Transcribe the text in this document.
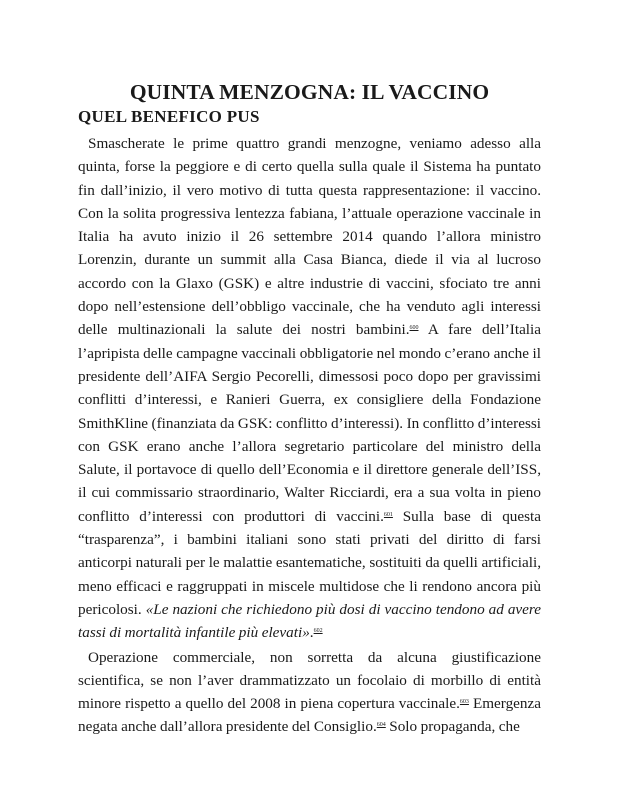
QUINTA MENZOGNA: IL VACCINO
QUEL BENEFICO PUS

Smascherate le prime quattro grandi menzogne, veniamo adesso alla quinta, forse la peggiore e di certo quella sulla quale il Sistema ha puntato fin dall’inizio, il vero motivo di tutta questa rappresentazione: il vaccino. Con la solita progressiva lentezza fabiana, l’attuale operazione vaccinale in Italia ha avuto inizio il 26 settembre 2014 quando l’allora ministro Lorenzin, durante un summit alla Casa Bianca, diede il via al lucroso accordo con la Glaxo (GSK) e altre industrie di vaccini, sfociato tre anni dopo nell’estensione dell’obbligo vaccinale, che ha venduto agli interessi delle multinazionali la salute dei nostri bambini.$^{600}$ A fare dell’Italia l’apripista delle campagne vaccinali obbligatorie nel mondo c’erano anche il presidente dell’AIFA Sergio Pecorelli, dimessosi poco dopo per gravissimi conflitti d’interessi, e Ranieri Guerra, ex consigliere della Fondazione SmithKline (finanziata da GSK: conflitto d’interessi). In conflitto d’interessi con GSK erano anche l’allora segretario particolare del ministro della Salute, il portavoce di quello dell’Economia e il direttore generale dell’ISS, il cui commissario straordinario, Walter Ricciardi, era a sua volta in pieno conflitto d’interessi con produttori di vaccini.$^{601}$ Sulla base di questa “trasparenza”, i bambini italiani sono stati privati del diritto di farsi anticorpi naturali per le malattie esantematiche, sostituiti da quelli artificiali, meno efficaci e raggruppati in miscele multidose che li rendono ancora più pericolosi. «Le nazioni che richiedono più dosi di vaccino tendono ad avere tassi di mortalità infantile più elevati».$^{602}$

Operazione commerciale, non sorretta da alcuna giustificazione scientifica, se non l’aver drammatizzato un focolaio di morbillo di entità minore rispetto a quello del 2008 in piena copertura vaccinale.$^{603}$ Emergenza negata anche dall’allora presidente del Consiglio.$^{604}$ Solo propaganda, che
